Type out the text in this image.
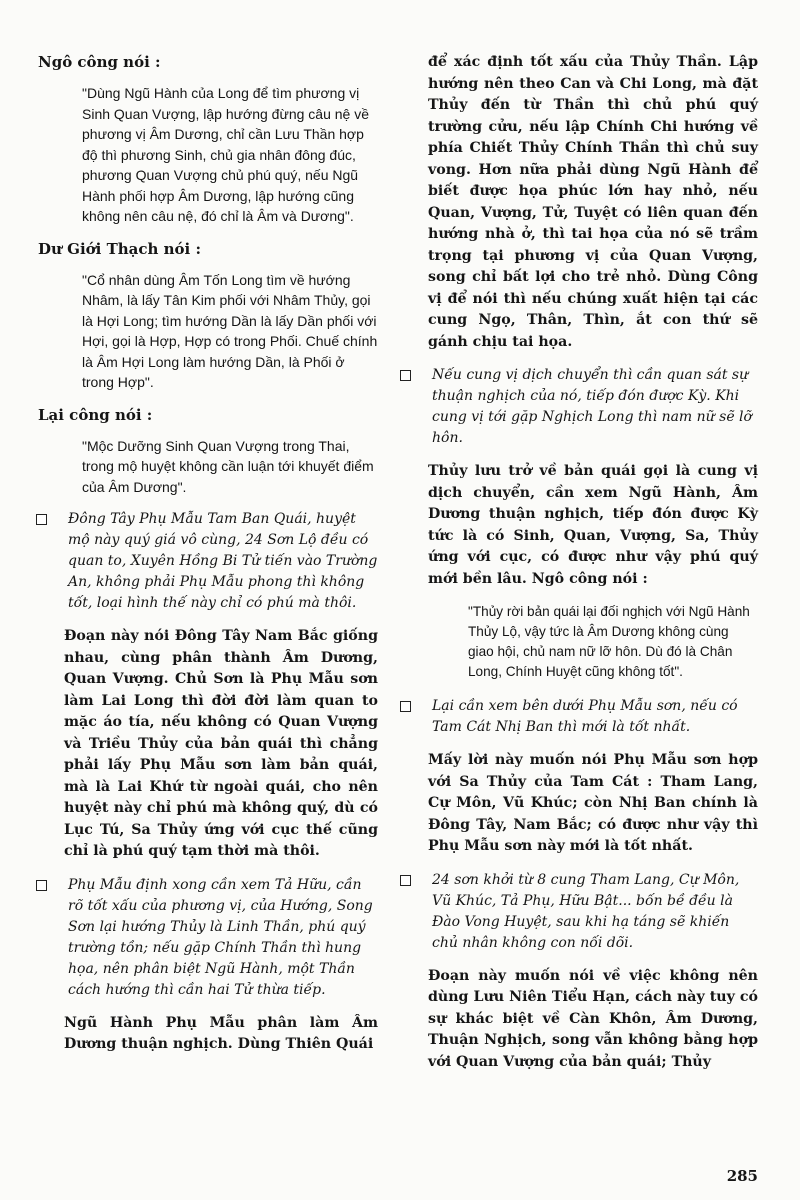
Ngô công nói :

"Dùng Ngũ Hành của Long để tìm phương vị Sinh Quan Vượng, lập hướng đừng câu nệ về phương vị Âm Dương, chỉ cần Lưu Thần hợp độ thì phương Sinh, chủ gia nhân đông đúc, phương Quan Vượng chủ phú quý, nếu Ngũ Hành phối hợp Âm Dương, lập hướng cũng không nên câu nệ, đó chỉ là Âm và Dương".

Dư Giới Thạch nói :

"Cổ nhân dùng Âm Tốn Long tìm về hướng Nhâm, là lấy Tân Kim phối với Nhâm Thủy, gọi là Hợi Long; tìm hướng Dần là lấy Dần phối với Hợi, gọi là Hợp, Hợp có trong Phối. Chuế chính là Âm Hợi Long làm hướng Dần, là Phối ở trong Hợp".

Lại công nói :

"Mộc Dưỡng Sinh Quan Vượng trong Thai, trong mộ huyệt không cần luận tới khuyết điểm của Âm Dương".

Đông Tây Phụ Mẫu Tam Ban Quái, huyệt mộ này quý giá vô cùng, 24 Sơn Lộ đều có quan to, Xuyên Hồng Bi Tử tiến vào Trường An, không phải Phụ Mẫu phong thì không tốt, loại hình thế này chỉ có phú mà thôi.

Đoạn này nói Đông Tây Nam Bắc giống nhau, cùng phân thành Âm Dương, Quan Vượng. Chủ Sơn là Phụ Mẫu sơn làm Lai Long thì đời đời làm quan to mặc áo tía, nếu không có Quan Vượng và Triều Thủy của bản quái thì chẳng phải lấy Phụ Mẫu sơn làm bản quái, mà là Lai Khứ từ ngoài quái, cho nên huyệt này chỉ phú mà không quý, dù có Lục Tú, Sa Thủy ứng với cục thế cũng chỉ là phú quý tạm thời mà thôi.

Phụ Mẫu định xong cần xem Tả Hữu, cần rõ tốt xấu của phương vị, của Hướng, Song Sơn lại hướng Thủy là Linh Thần, phú quý trường tồn; nếu gặp Chính Thần thì hung họa, nên phân biệt Ngũ Hành, một Thần cách hướng thì cần hai Tử thừa tiếp.

Ngũ Hành Phụ Mẫu phân làm Âm Dương thuận nghịch. Dùng Thiên Quái

để xác định tốt xấu của Thủy Thần. Lập hướng nên theo Can và Chi Long, mà đặt Thủy đến từ Thần thì chủ phú quý trường cửu, nếu lập Chính Chi hướng về phía Chiết Thủy Chính Thần thì chủ suy vong. Hơn nữa phải dùng Ngũ Hành để biết được họa phúc lớn hay nhỏ, nếu Quan, Vượng, Tử, Tuyệt có liên quan đến hướng nhà ở, thì tai họa của nó sẽ trầm trọng tại phương vị của Quan Vượng, song chỉ bất lợi cho trẻ nhỏ. Dùng Công vị để nói thì nếu chúng xuất hiện tại các cung Ngọ, Thân, Thìn, ắt con thứ sẽ gánh chịu tai họa.

Nếu cung vị dịch chuyển thì cần quan sát sự thuận nghịch của nó, tiếp đón được Kỳ. Khi cung vị tới gặp Nghịch Long thì nam nữ sẽ lỡ hôn.

Thủy lưu trở về bản quái gọi là cung vị dịch chuyển, cần xem Ngũ Hành, Âm Dương thuận nghịch, tiếp đón được Kỳ tức là có Sinh, Quan, Vượng, Sa, Thủy ứng với cục, có được như vậy phú quý mới bền lâu. Ngô công nói :

"Thủy rời bản quái lại đối nghịch với Ngũ Hành Thủy Lộ, vậy tức là Âm Dương không cùng giao hội, chủ nam nữ lỡ hôn. Dù đó là Chân Long, Chính Huyệt cũng không tốt".

Lại cần xem bên dưới Phụ Mẫu sơn, nếu có Tam Cát Nhị Ban thì mới là tốt nhất.

Mấy lời này muốn nói Phụ Mẫu sơn hợp với Sa Thủy của Tam Cát : Tham Lang, Cự Môn, Vũ Khúc; còn Nhị Ban chính là Đông Tây, Nam Bắc; có được như vậy thì Phụ Mẫu sơn này mới là tốt nhất.

24 sơn khởi từ 8 cung Tham Lang, Cự Môn, Vũ Khúc, Tả Phụ, Hữu Bật... bốn bề đều là Đào Vong Huyệt, sau khi hạ táng sẽ khiến chủ nhân không con nối dõi.

Đoạn này muốn nói về việc không nên dùng Lưu Niên Tiểu Hạn, cách này tuy có sự khác biệt về Càn Khôn, Âm Dương, Thuận Nghịch, song vẫn không bằng hợp với Quan Vượng của bản quái; Thủy

285
